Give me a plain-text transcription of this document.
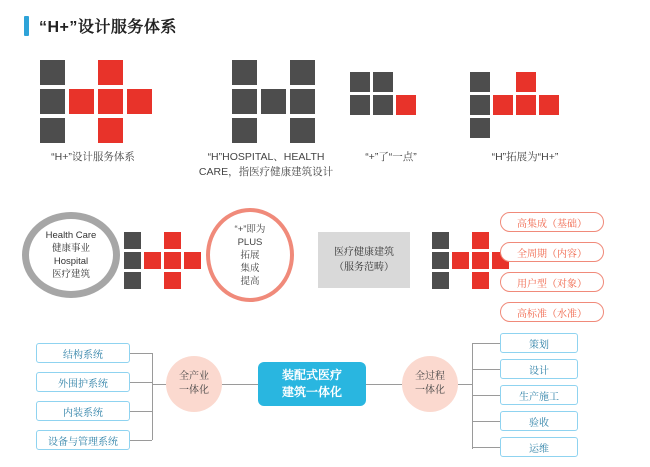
“H+”设计服务体系
“H+”设计服务体系	“H”HOSPITAL、HEALTH CARE，指医疗健康建筑设计
“+”了“一点”	“H”拓展为“H+”
Health Care
健康事业
Hospital
医疗建筑
“+”即为
PLUS
拓展
集成
提高
医疗健康建筑
（服务范畴）
高集成（基础）
全周期（内容）
用户型（对象）
高标准（水准）
结构系统
外围护系统
内装系统
设备与管理系统
全产业
一体化
装配式医疗
建筑一体化
全过程
一体化
策划
设计
生产施工
验收
运维
